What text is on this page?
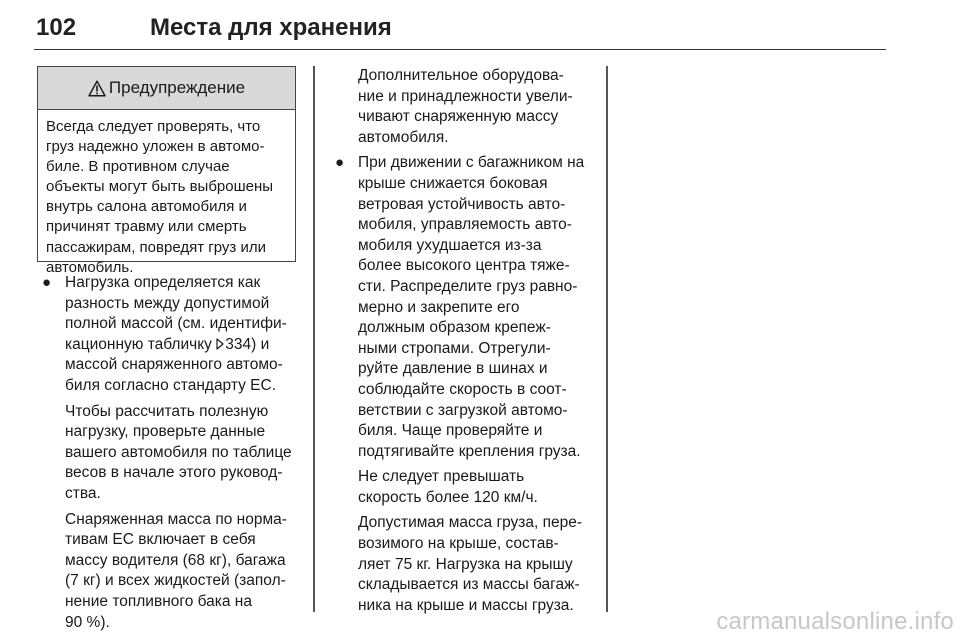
102	Места для хранения
Предупреждение
Всегда следует проверять, что
груз надежно уложен в автомо-
биле. В противном случае
объекты могут быть выброшены
внутрь салона автомобиля и
причинят травму или смерть
пассажирам, повредят груз или
автомобиль.
● Нагрузка определяется как

разность между допустимой

полной массой (см. идентифи-

кационную табличку 334) и

массой снаряженного автомо-

биля согласно стандарту ЕС.

Чтобы рассчитать полезную

нагрузку, проверьте данные

вашего автомобиля по таблице

весов в начале этого руковод-

ства.

Снаряженная масса по норма-

тивам ЕС включает в себя

массу водителя (68 кг), багажа

(7 кг) и всех жидкостей (запол-

нение топливного бака на

90 %).

Дополнительное оборудова-

ние и принадлежности увели-

чивают снаряженную массу

автомобиля.

● При движении с багажником на

крыше снижается боковая

ветровая устойчивость авто-

мобиля, управляемость авто-

мобиля ухудшается из-за

более высокого центра тяже-

сти. Распределите груз равно-

мерно и закрепите его

должным образом крепеж-

ными стропами. Отрегули-

руйте давление в шинах и

соблюдайте скорость в соот-

ветствии с загрузкой автомо-

биля. Чаще проверяйте и

подтягивайте крепления груза.

Не следует превышать

скорость более 120 км/ч.

Допустимая масса груза, пере-

возимого на крыше, состав-

ляет 75 кг. Нагрузка на крышу

складывается из массы багаж-

ника на крыше и массы груза.

carmanualsonline.info
